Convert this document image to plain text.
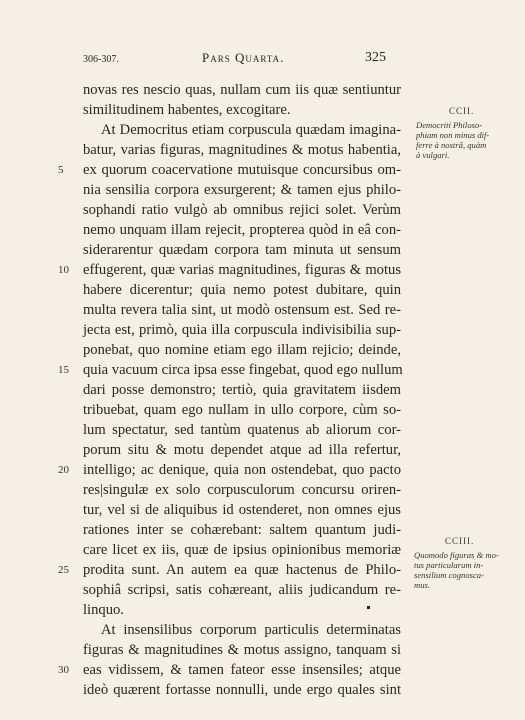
306-307.	Pars Quarta.	325
novas res nescio quas, nullam cum iis quæ sentiuntur
similitudinem habentes, excogitare.
At Democritus etiam corpuscula quædam imagina-
batur, varias figuras, magnitudines & motus habentia,
ex quorum coacervatione mutuisque concursibus om-
nia sensilia corpora exsurgerent; & tamen ejus philo-
sophandi ratio vulgò ab omnibus rejici solet. Verùm
nemo unquam illam rejecit, propterea quòd in eâ con-
siderarentur quædam corpora tam minuta ut sensum
effugerent, quæ varias magnitudines, figuras & motus
habere dicerentur; quia nemo potest dubitare, quin
multa revera talia sint, ut modò ostensum est. Sed re-
jecta est, primò, quia illa corpuscula indivisibilia sup-
ponebat, quo nomine etiam ego illam rejicio; deinde,
quia vacuum circa ipsa esse fingebat, quod ego nullum
dari posse demonstro; tertiò, quia gravitatem iisdem
tribuebat, quam ego nullam in ullo corpore, cùm so-
lum spectatur, sed tantùm quatenus ab aliorum cor-
porum situ & motu dependet atque ad illa refertur,
intelligo; ac denique, quia non ostendebat, quo pacto
res|singulæ ex solo corpusculorum concursu oriren-
tur, vel si de aliquibus id ostenderet, non omnes ejus
rationes inter se cohærebant: saltem quantum judi-
care licet ex iis, quæ de ipsius opinionibus memoriæ
prodita sunt. An autem ea quæ hactenus de Philo-
sophiâ scripsi, satis cohæreant, aliis judicandum re-
linquo.
At insensilibus corporum particulis determinatas
figuras & magnitudines & motus assigno, tanquam si
eas vidissem, & tamen fateor esse insensiles; atque
ideò quærent fortasse nonnulli, unde ergo quales sint
5
10
15
20
25
30
CCII.
Democriti Philoso-
phiam non minus dif-
ferre à nostrâ, quàm
à vulgari.
CCIII.
Quomodo figuras & mo-
tus particularum in-
sensilium cognosca-
mus.
